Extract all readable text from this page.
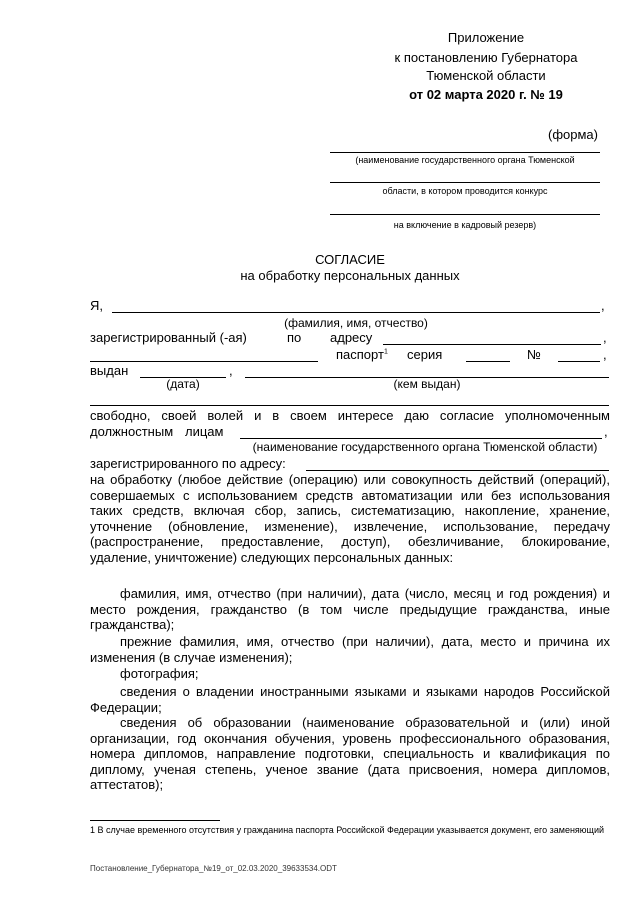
Приложение
к постановлению Губернатора
Тюменской области
от 02 марта 2020 г. № 19
(форма)
(наименование государственного органа Тюменской
области, в котором проводится конкурс
на включение в кадровый резерв)
СОГЛАСИЕ
на обработку персональных данных
Я,	,
(фамилия, имя, отчество)
зарегистрированный (-ая)	по адресу	,
паспорт$^1$ серия	№	,
выдан	,
(дата)	(кем выдан)
свободно, своей волей и в своем интересе даю согласие уполномоченным
должностным лицам	,
(наименование государственного органа Тюменской области)
зарегистрированного по адресу:
на обработку (любое действие (операцию) или совокупность действий (операций), совершаемых с использованием средств автоматизации или без использования таких средств, включая сбор, запись, систематизацию, накопление, хранение, уточнение (обновление, изменение), извлечение, использование, передачу (распространение, предоставление, доступ), обезличивание, блокирование, удаление, уничтожение) следующих персональных данных:
фамилия, имя, отчество (при наличии), дата (число, месяц и год рождения) и место рождения, гражданство (в том числе предыдущие гражданства, иные гражданства);
прежние фамилия, имя, отчество (при наличии), дата, место и причина их изменения (в случае изменения);
фотография;
сведения о владении иностранными языками и языками народов Российской Федерации;
сведения об образовании (наименование образовательной и (или) иной организации, год окончания обучения, уровень профессионального образования, номера дипломов, направление подготовки, специальность и квалификация по диплому, ученая степень, ученое звание (дата присвоения, номера дипломов, аттестатов);
1 В случае временного отсутствия у гражданина паспорта Российской Федерации указывается документ, его заменяющий
Постановление_Губернатора_№19_от_02.03.2020_39633534.ODT
